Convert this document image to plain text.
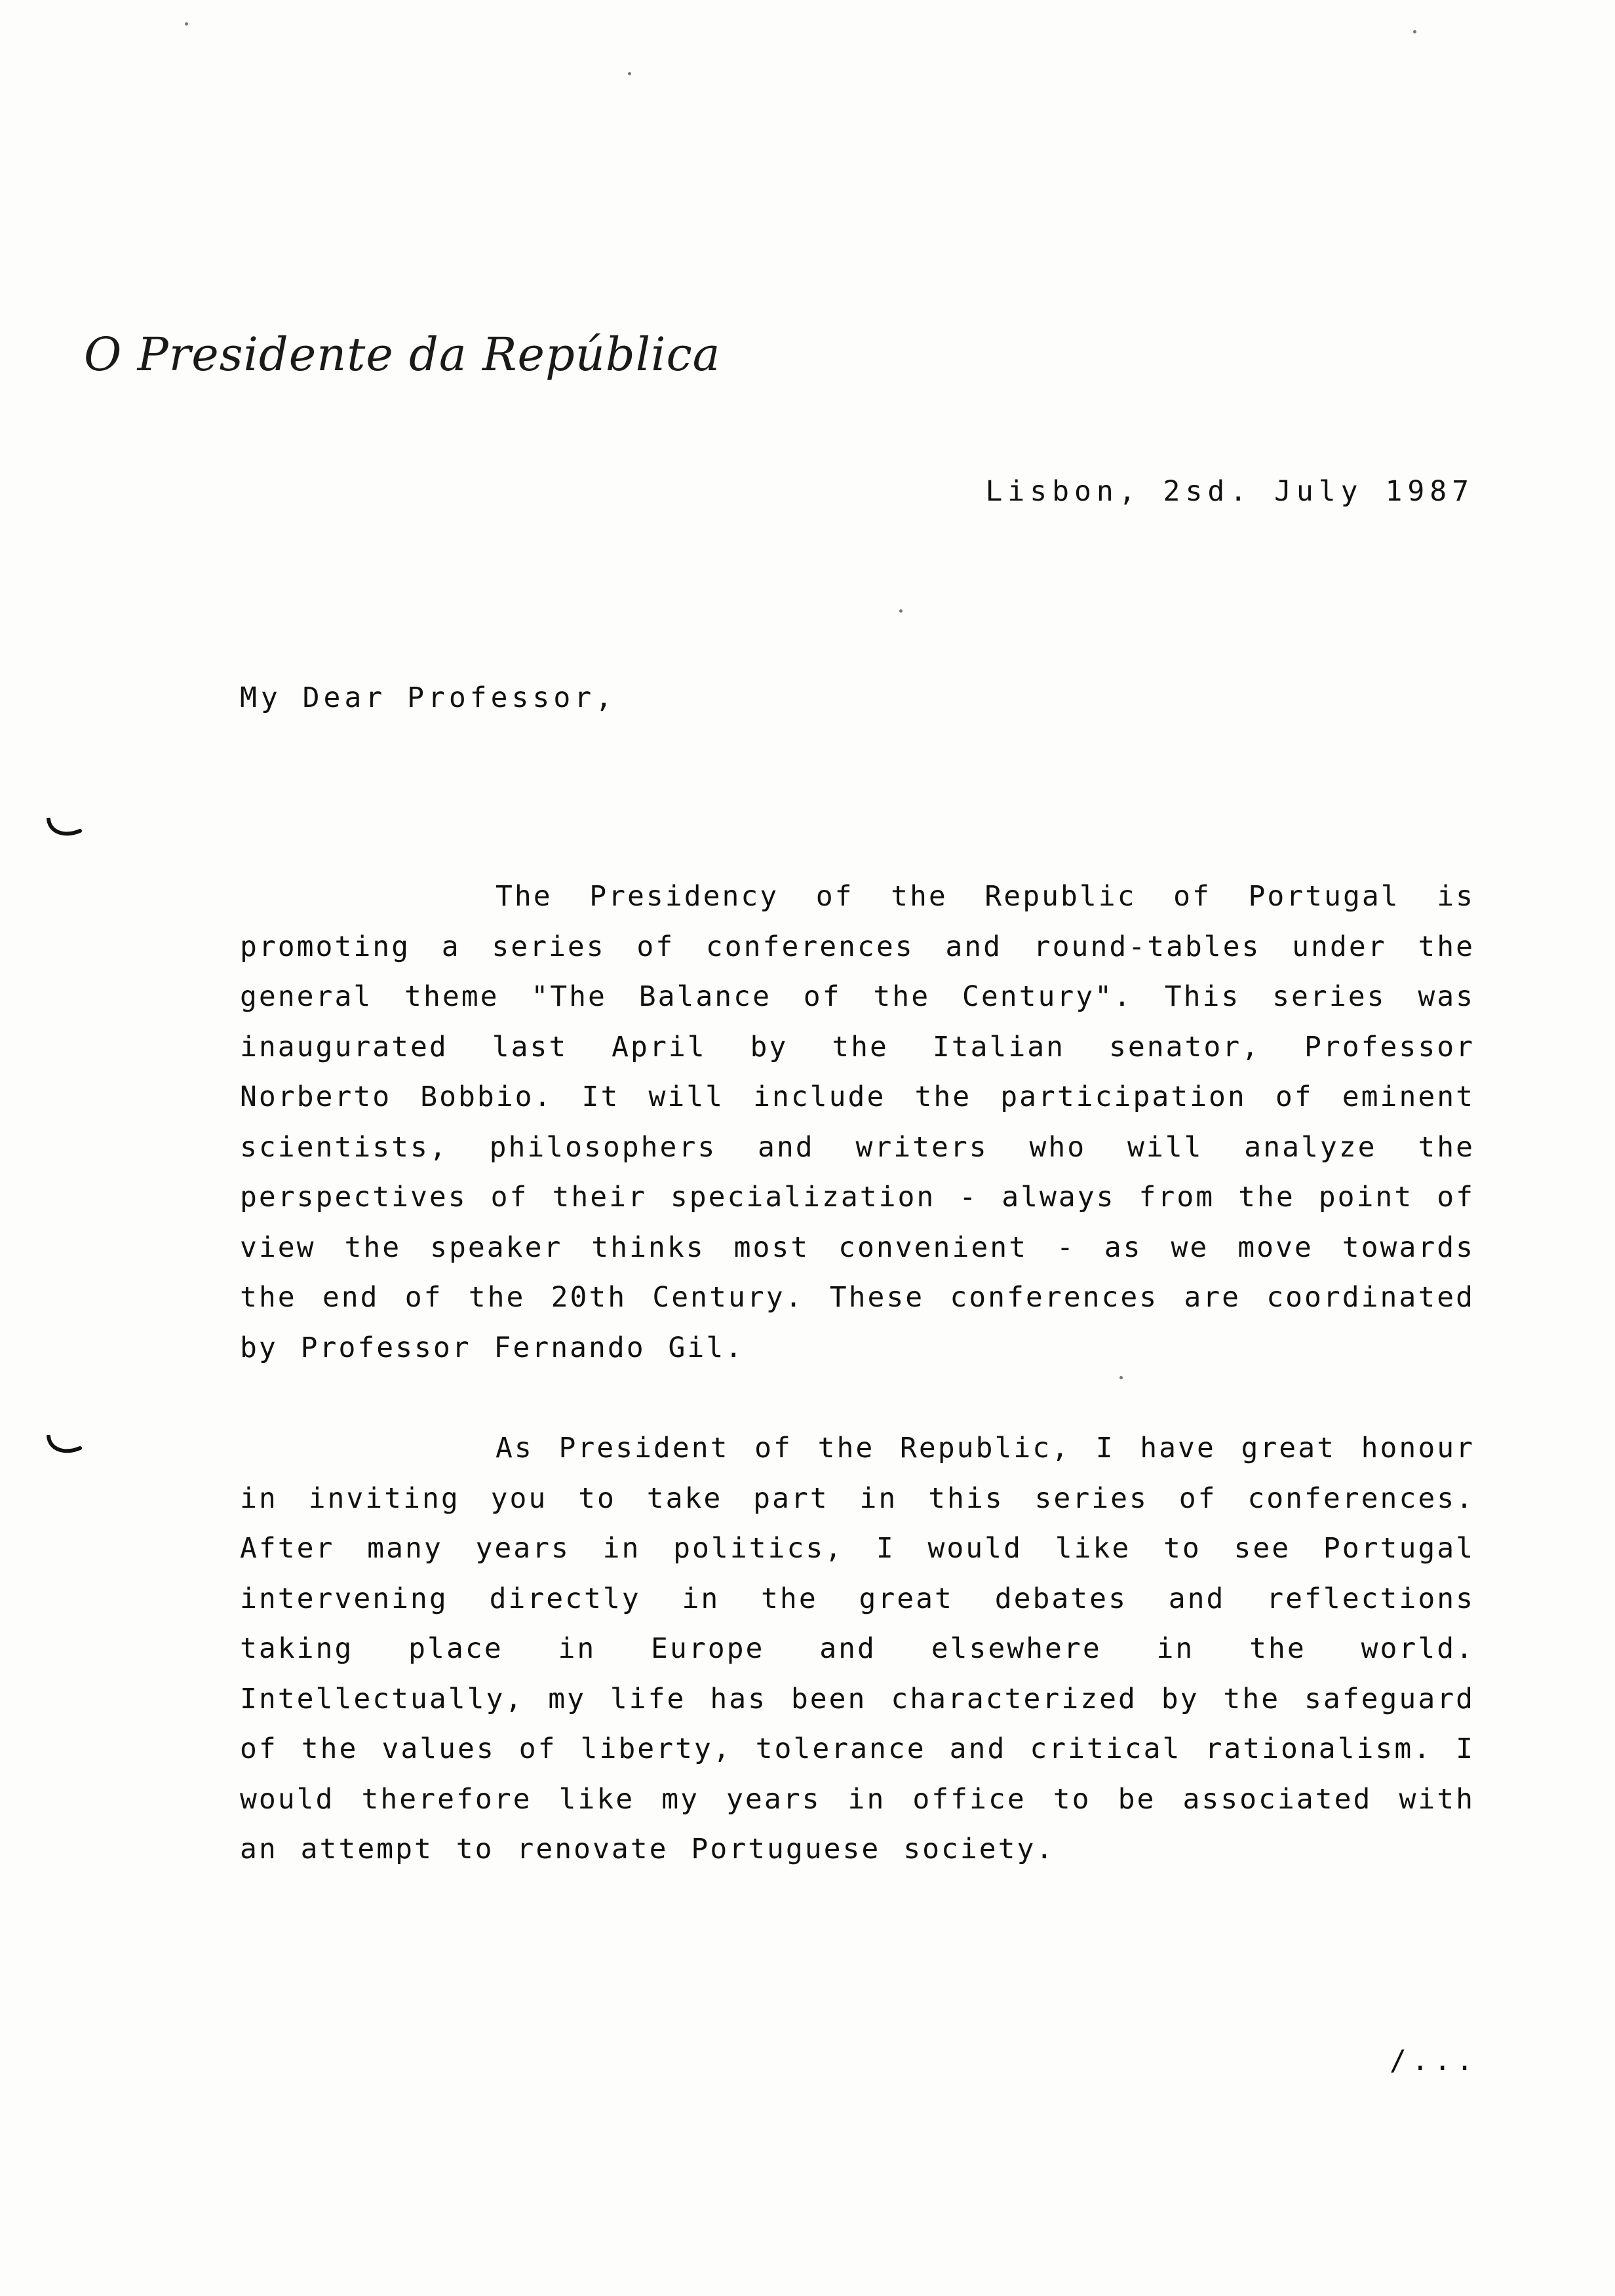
O Presidente da República
Lisbon, 2sd. July 1987
My Dear Professor,
The Presidency of the Republic of Portugal is promoting a series of conferences and round-tables under the general theme "The Balance of the Century". This series was inaugurated last April by the Italian senator, Professor Norberto Bobbio. It will include the participation of eminent scientists, philosophers and writers who will analyze the perspectives of their specialization - always from the point of view the speaker thinks most convenient - as we move towards the end of the 20th Century. These conferences are coordinated by Professor Fernando Gil.
As President of the Republic, I have great honour in inviting you to take part in this series of conferences. After many years in politics, I would like to see Portugal intervening directly in the great debates and reflections taking place in Europe and elsewhere in the world. Intellectually, my life has been characterized by the safeguard of the values of liberty, tolerance and critical rationalism. I would therefore like my years in office to be associated with an attempt to renovate Portuguese society.
/...
